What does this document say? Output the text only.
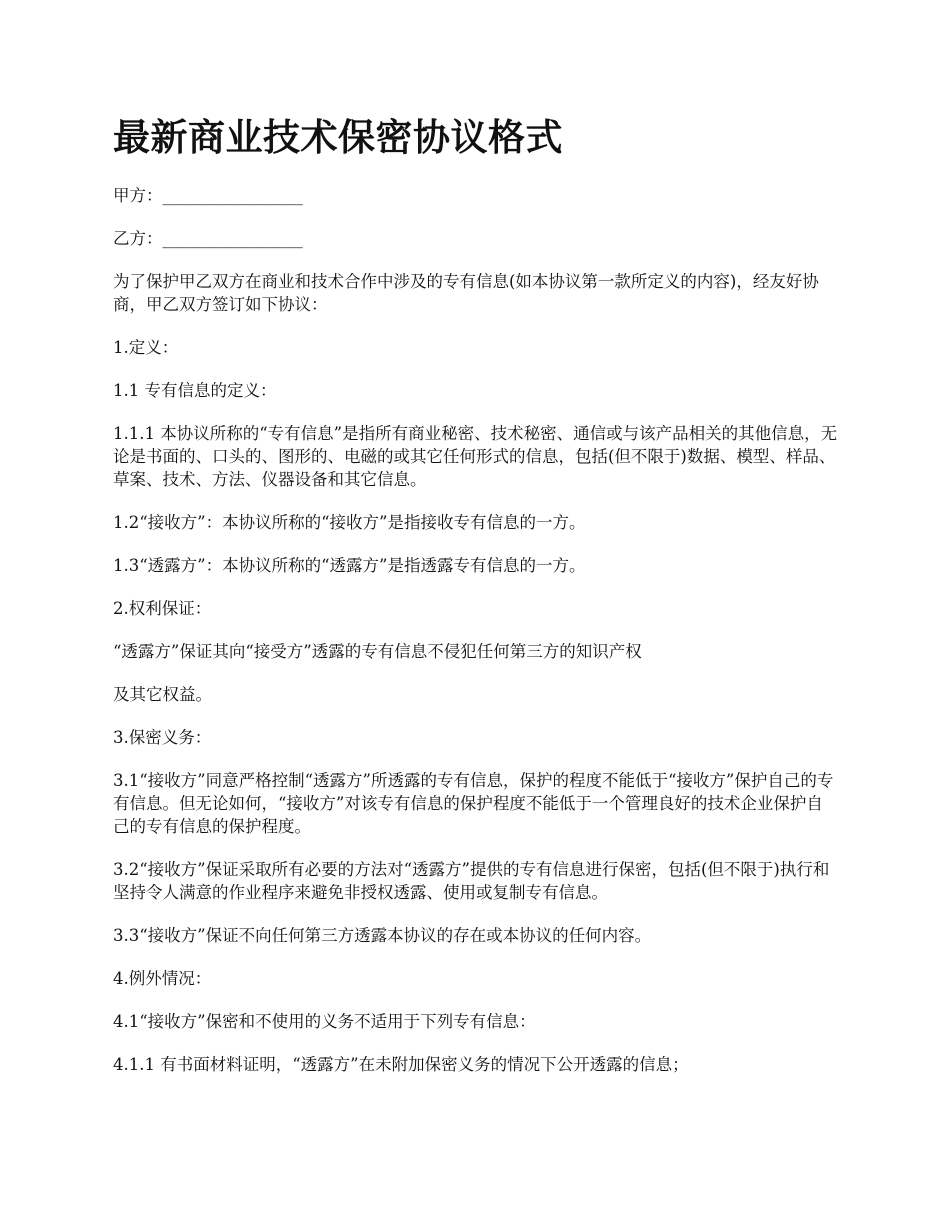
最新商业技术保密协议格式

甲方：_________________

乙方：_________________

为了保护甲乙双方在商业和技术合作中涉及的专有信息(如本协议第一款所定义的内容)，经友好协商，甲乙双方签订如下协议：

1.定义：

1.1 专有信息的定义：

1.1.1 本协议所称的“专有信息”是指所有商业秘密、技术秘密、通信或与该产品相关的其他信息，无论是书面的、口头的、图形的、电磁的或其它任何形式的信息，包括(但不限于)数据、模型、样品、草案、技术、方法、仪器设备和其它信息。

1.2“接收方”：本协议所称的“接收方”是指接收专有信息的一方。

1.3“透露方”：本协议所称的“透露方”是指透露专有信息的一方。

2.权利保证：

“透露方”保证其向“接受方”透露的专有信息不侵犯任何第三方的知识产权

及其它权益。

3.保密义务：

3.1“接收方”同意严格控制“透露方”所透露的专有信息，保护的程度不能低于“接收方”保护自己的专有信息。但无论如何，“接收方”对该专有信息的保护程度不能低于一个管理良好的技术企业保护自己的专有信息的保护程度。

3.2“接收方”保证采取所有必要的方法对“透露方”提供的专有信息进行保密，包括(但不限于)执行和坚持令人满意的作业程序来避免非授权透露、使用或复制专有信息。

3.3“接收方”保证不向任何第三方透露本协议的存在或本协议的任何内容。

4.例外情况：

4.1“接收方”保密和不使用的义务不适用于下列专有信息：

4.1.1 有书面材料证明，“透露方”在未附加保密义务的情况下公开透露的信息；
